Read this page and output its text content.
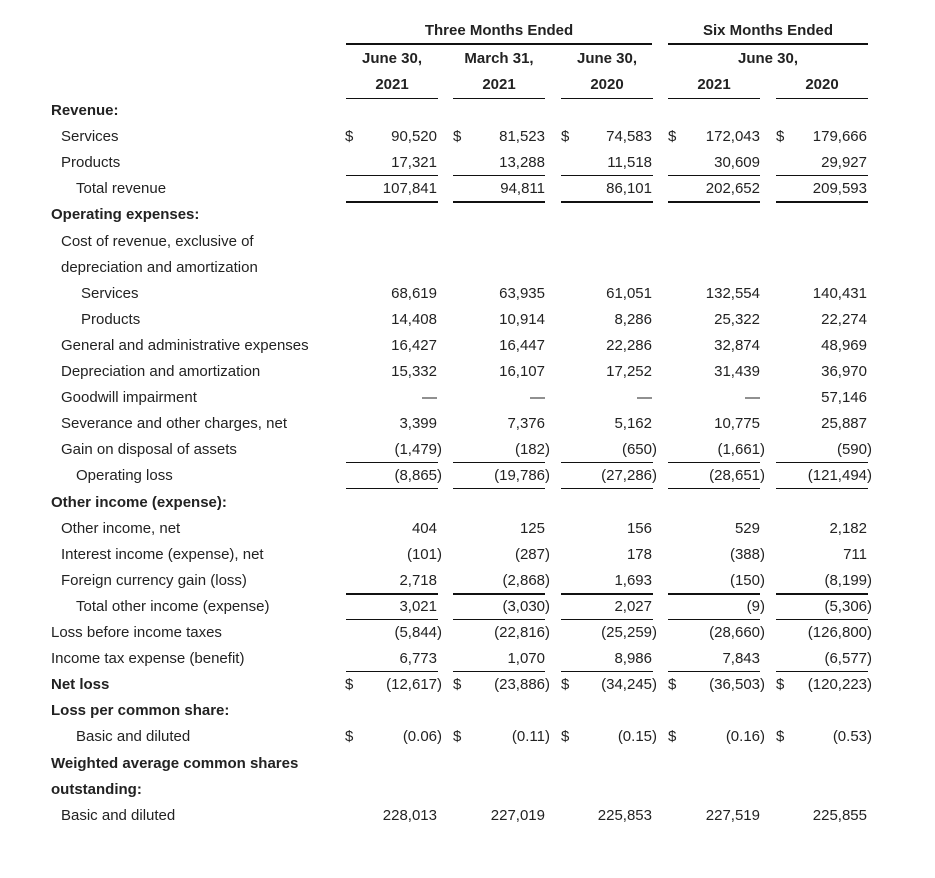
Three Months Ended	Six Months Ended
June 30,	March 31,	June 30,	June 30,
2021	2021	2020	2021	2020
Revenue:
Services	$	90,520 $	81,523 $ 74,583 $ 172,043 $ 179,666
Products	17,321	13,288	11,518	30,609	29,927
Total revenue	107,841	94,811	86,101	202,652	209,593
Operating expenses:
Cost of revenue, exclusive of
depreciation and amortization
Services	68,619	63,935	61,051	132,554	140,431
Products	14,408	10,914	8,286	25,322	22,274
General and administrative expenses	16,427	16,447	22,286	32,874	48,969
Depreciation and amortization	15,332	16,107	17,252	31,439	36,970
Goodwill impairment	—	—	—	—	57,146
Severance and other charges, net	3,399	7,376	5,162	10,775	25,887
Gain on disposal of assets	(1,479)	(182)	(650)	(1,661)	(590)
Operating loss	(8,865)	(19,786)	(27,286)	(28,651)	(121,494)
Other income (expense):
Other income, net	404	125	156	529	2,182
Interest income (expense), net	(101)	(287)	178	(388)	711
Foreign currency gain (loss)	2,718	(2,868)	1,693	(150)	(8,199)
Total other income (expense)	3,021	(3,030)	2,027	(9)	(5,306)
Loss before income taxes	(5,844)	(22,816)	(25,259)	(28,660)	(126,800)
Income tax expense (benefit)	6,773	1,070	8,986	7,843	(6,577)
Net loss	$ (12,617) $ (23,886) $ (34,245) $ (36,503) $ (120,223)
Loss per common share:
Basic and diluted	$	(0.06) $	(0.11) $	(0.15) $	(0.16) $	(0.53)
Weighted average common shares
outstanding:
Basic and diluted	228,013	227,019	225,853	227,519	225,855
